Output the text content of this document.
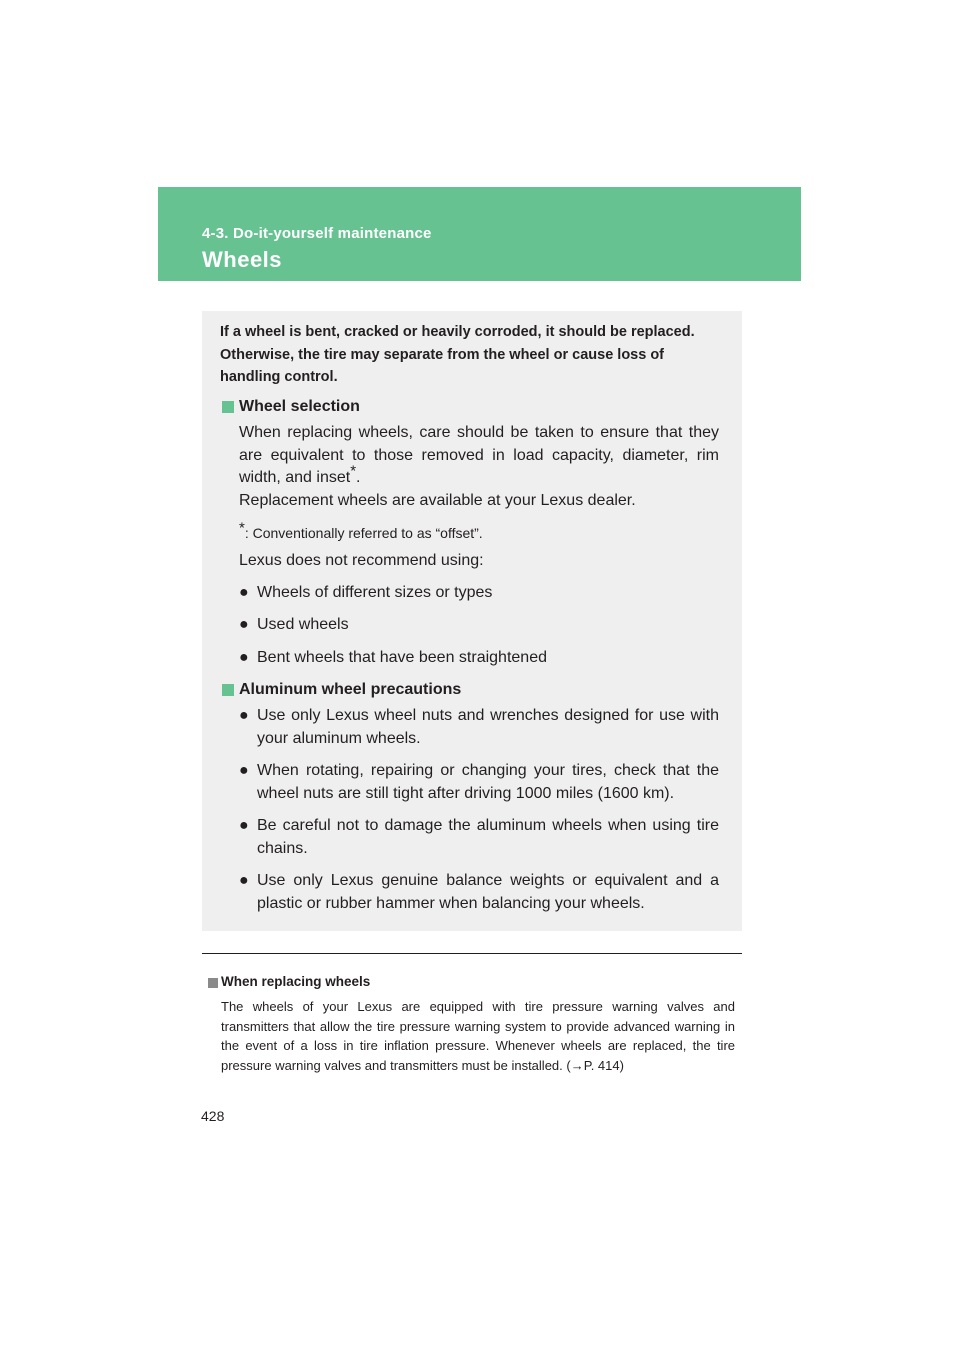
4-3. Do-it-yourself maintenance
Wheels

If a wheel is bent, cracked or heavily corroded, it should be replaced. Otherwise, the tire may separate from the wheel or cause loss of handling control.

Wheel selection

When replacing wheels, care should be taken to ensure that they are equivalent to those removed in load capacity, diameter, rim width, and inset*.

Replacement wheels are available at your Lexus dealer.

*: Conventionally referred to as “offset”.

Lexus does not recommend using:

● Wheels of different sizes or types
● Used wheels
● Bent wheels that have been straightened
Aluminum wheel precautions
● Use only Lexus wheel nuts and wrenches designed for use with your aluminum wheels.
● When rotating, repairing or changing your tires, check that the wheel nuts are still tight after driving 1000 miles (1600 km).
● Be careful not to damage the aluminum wheels when using tire chains.
● Use only Lexus genuine balance weights or equivalent and a plastic or rubber hammer when balancing your wheels.
When replacing wheels

The wheels of your Lexus are equipped with tire pressure warning valves and transmitters that allow the tire pressure warning system to provide advanced warning in the event of a loss in tire inflation pressure. Whenever wheels are replaced, the tire pressure warning valves and transmitters must be installed. (→P. 414)

428
